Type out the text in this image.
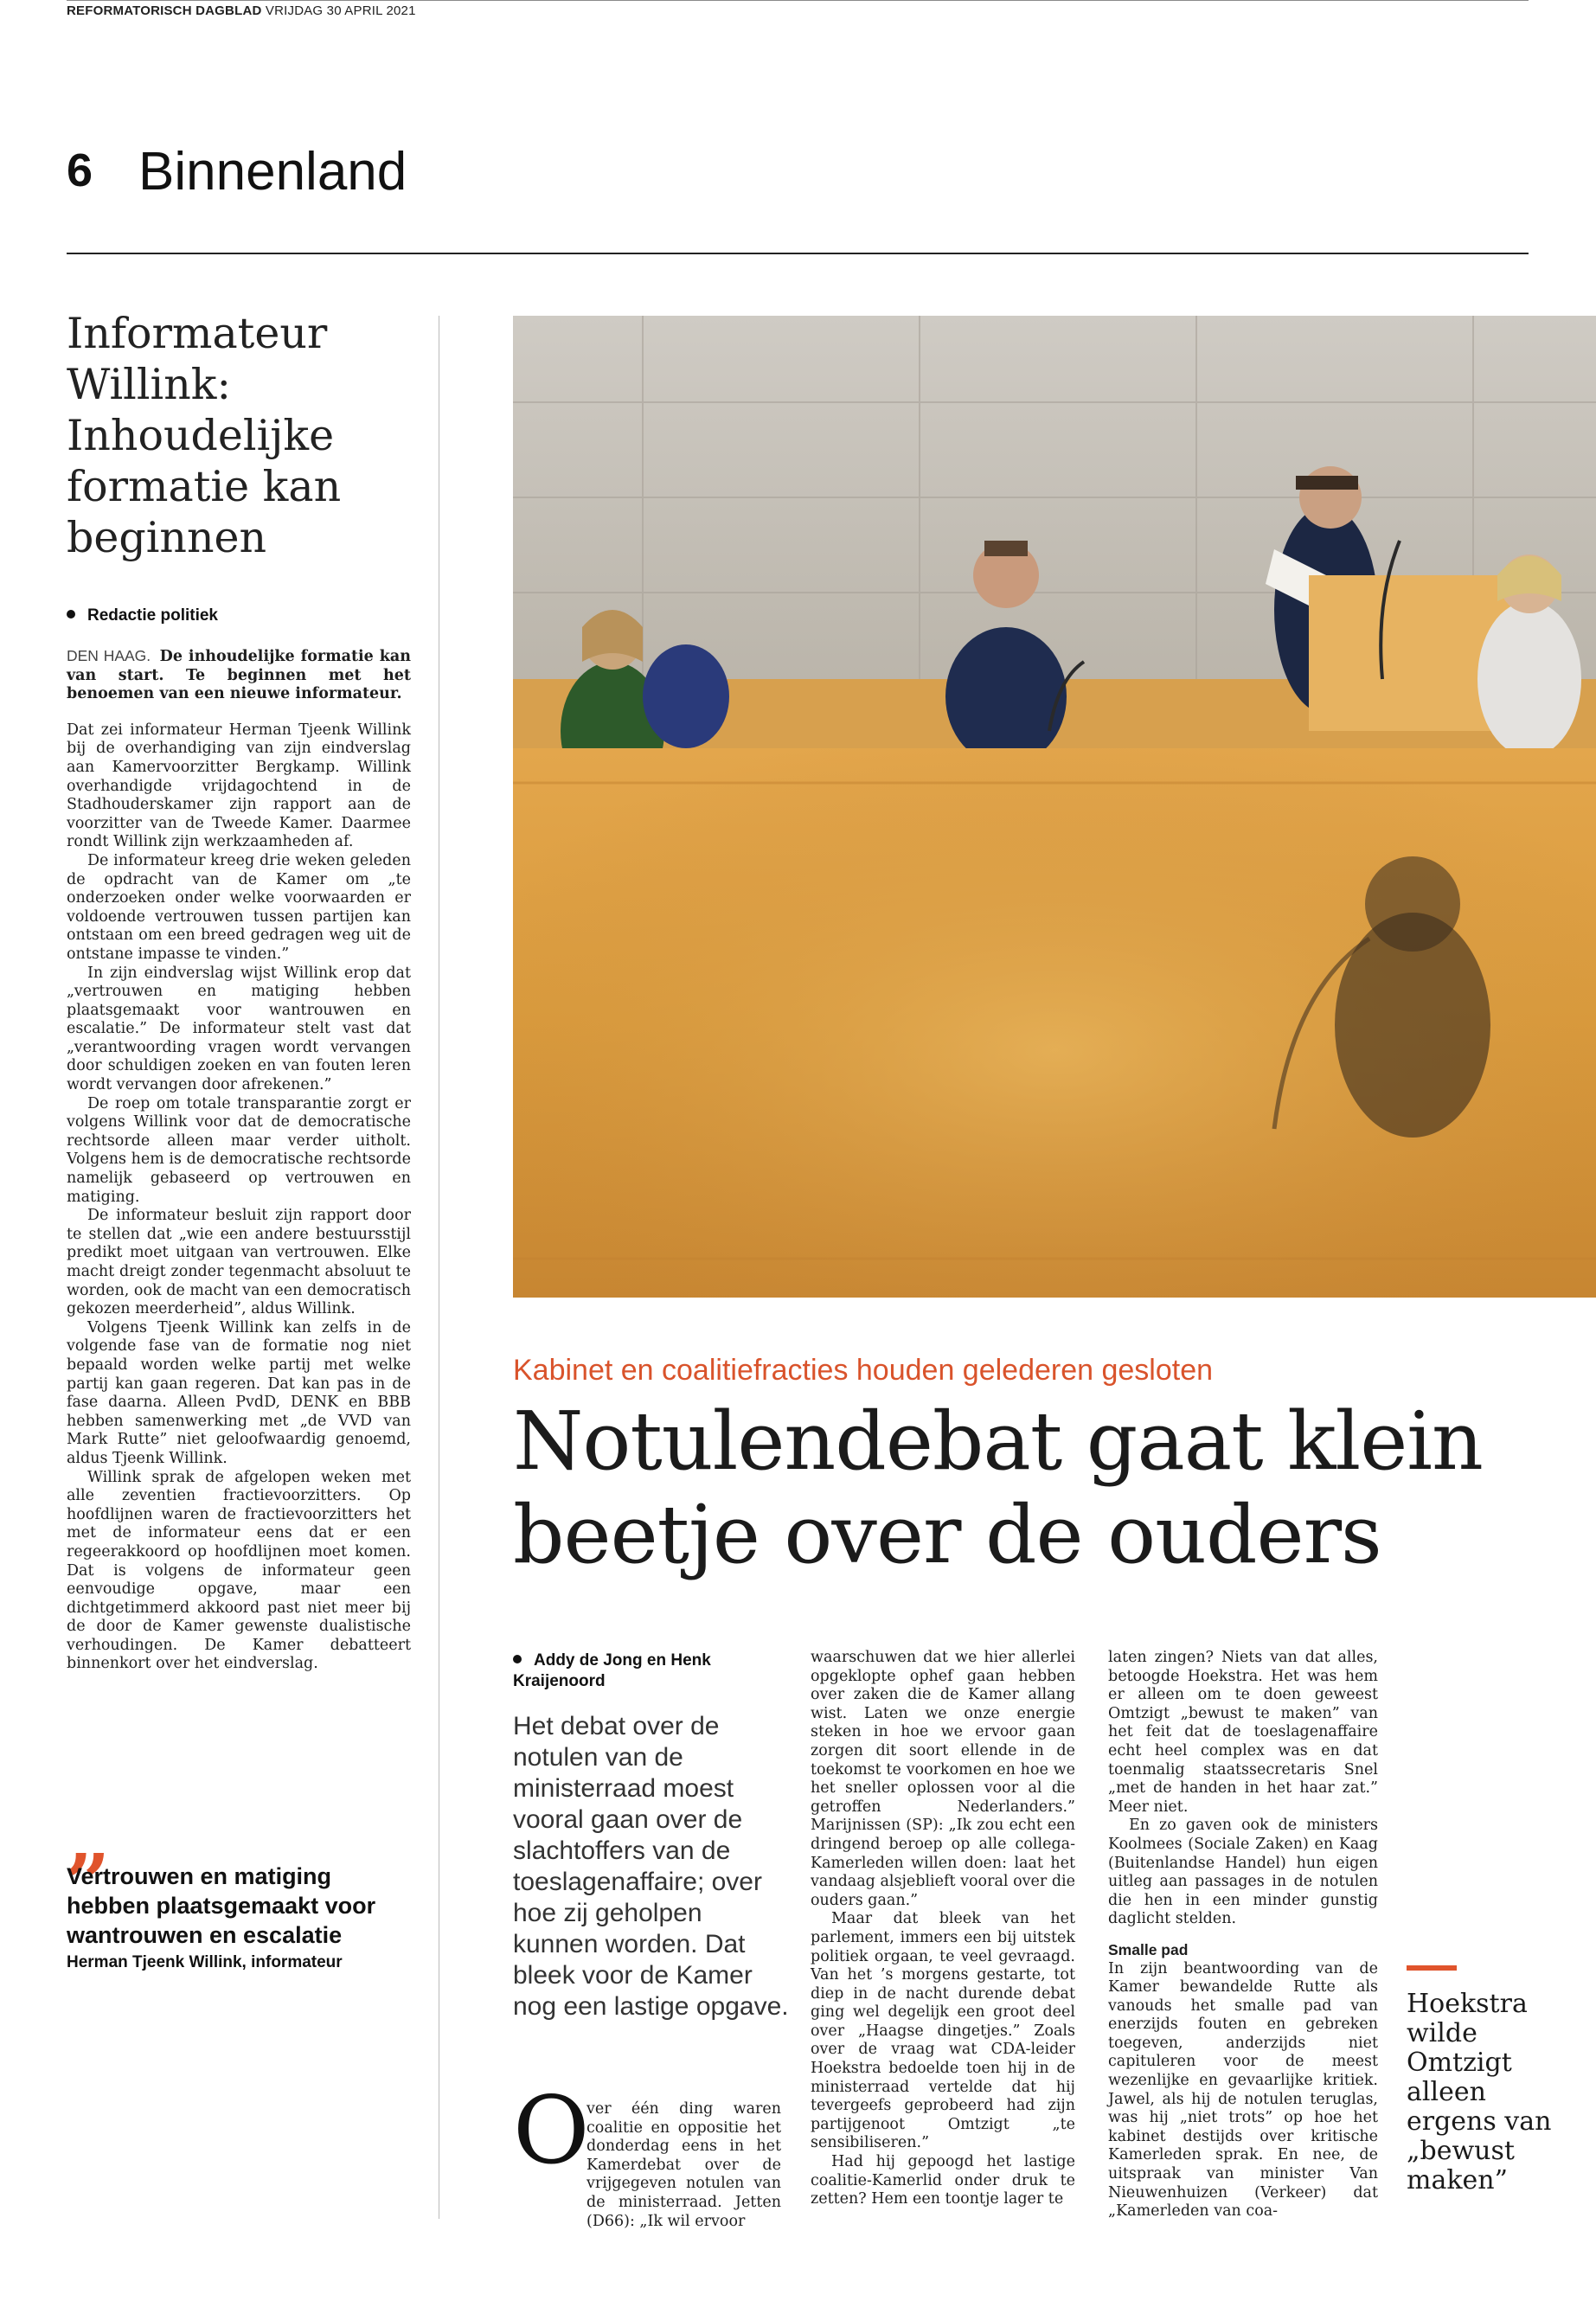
REFORMATORISCH DAGBLAD VRIJDAG 30 APRIL 2021
6 Binnenland
Informateur Willink: Inhoudelijke formatie kan beginnen
Redactie politiek

DEN HAAG. De inhoudelijke formatie kan van start. Te beginnen met het benoemen van een nieuwe informateur.

Dat zei informateur Herman Tjeenk Willink bij de overhandiging van zijn eindverslag aan Kamervoorzitter Bergkamp. Willink overhandigde vrijdagochtend in de Stadhouderskamer zijn rapport aan de voorzitter van de Tweede Kamer. Daarmee rondt Willink zijn werkzaamheden af.

De informateur kreeg drie weken geleden de opdracht van de Kamer om „te onderzoeken onder welke voorwaarden er voldoende vertrouwen tussen partijen kan ontstaan om een breed gedragen weg uit de ontstane impasse te vinden.”

In zijn eindverslag wijst Willink erop dat „vertrouwen en matiging hebben plaatsgemaakt voor wantrouwen en escalatie.” De informateur stelt vast dat „verantwoording vragen wordt vervangen door schuldigen zoeken en van fouten leren wordt vervangen door afrekenen.”

De roep om totale transparantie zorgt er volgens Willink voor dat de democratische rechtsorde alleen maar verder uitholt. Volgens hem is de democratische rechtsorde namelijk gebaseerd op vertrouwen en matiging.

De informateur besluit zijn rapport door te stellen dat „wie een andere bestuursstijl predikt moet uitgaan van vertrouwen. Elke macht dreigt zonder tegenmacht absoluut te worden, ook de macht van een democratisch gekozen meerderheid”, aldus Willink.

Volgens Tjeenk Willink kan zelfs in de volgende fase van de formatie nog niet bepaald worden welke partij met welke partij kan gaan regeren. Dat kan pas in de fase daarna. Alleen PvdD, DENK en BBB hebben samenwerking met „de VVD van Mark Rutte” niet geloofwaardig genoemd, aldus Tjeenk Willink.

Willink sprak de afgelopen weken met alle zeventien fractievoorzitters. Op hoofdlijnen waren de fractievoorzitters het met de informateur eens dat er een regeerakkoord op hoofdlijnen moet komen. Dat is volgens de informateur geen eenvoudige opgave, maar een dichtgetimmerd akkoord past niet meer bij de door de Kamer gewenste dualistische verhoudingen. De Kamer debatteert binnenkort over het eindverslag.

„
Vertrouwen en matiging hebben plaatsgemaakt voor wantrouwen en escalatie
Herman Tjeenk Willink, informateur
Kabinet en coalitiefracties houden gelederen gesloten
Notulendebat gaat klein beetje over de ouders
Addy de Jong en Henk Kraijenoord
Het debat over de notulen van de ministerraad moest vooral gaan over de slachtoffers van de toeslagenaffaire; over hoe zij geholpen kunnen worden. Dat bleek voor de Kamer nog een lastige opgave.
O

ver één ding waren coalitie en oppositie het donderdag eens in het Kamerdebat over de vrijgegeven notulen van de ministerraad. Jetten (D66): „Ik wil ervoor

waarschuwen dat we hier allerlei opgeklopte ophef gaan hebben over zaken die de Kamer allang wist. Laten we onze energie steken in hoe we ervoor gaan zorgen dit soort ellende in de toekomst te voorkomen en hoe we het sneller oplossen voor al die getroffen Nederlanders.” Marijnissen (SP): „Ik zou echt een dringend beroep op alle collega-Kamerleden willen doen: laat het vandaag alsjeblieft vooral over die ouders gaan.”

Maar dat bleek van het parlement, immers een bij uitstek politiek orgaan, te veel gevraagd. Van het ’s morgens gestarte, tot diep in de nacht durende debat ging wel degelijk een groot deel over „Haagse dingetjes.” Zoals over de vraag wat CDA-leider Hoekstra bedoelde toen hij in de ministerraad vertelde dat hij tevergeefs geprobeerd had zijn partijgenoot Omtzigt „te sensibiliseren.”

Had hij gepoogd het lastige coalitie-Kamerlid onder druk te zetten? Hem een toontje lager te

laten zingen? Niets van dat alles, betoogde Hoekstra. Het was hem er alleen om te doen geweest Omtzigt „bewust te maken” van het feit dat de toeslagenaffaire echt heel complex was en dat toenmalig staatssecretaris Snel „met de handen in het haar zat.” Meer niet.

En zo gaven ook de ministers Koolmees (Sociale Zaken) en Kaag (Buitenlandse Handel) hun eigen uitleg aan passages in de notulen die hen in een minder gunstig daglicht stelden.

Smalle pad

In zijn beantwoording van de Kamer bewandelde Rutte als vanouds het smalle pad van enerzijds fouten en gebreken toegeven, anderzijds niet capituleren voor de meest wezenlijke en gevaarlijke kritiek. Jawel, als hij de notulen teruglas, was hij „niet trots” op hoe het kabinet destijds over kritische Kamerleden sprak. En nee, de uitspraak van minister Van Nieuwenhuizen (Verkeer) dat „Kamerleden van coa-

Hoekstra wilde Omtzigt alleen ergens van „bewust maken”
